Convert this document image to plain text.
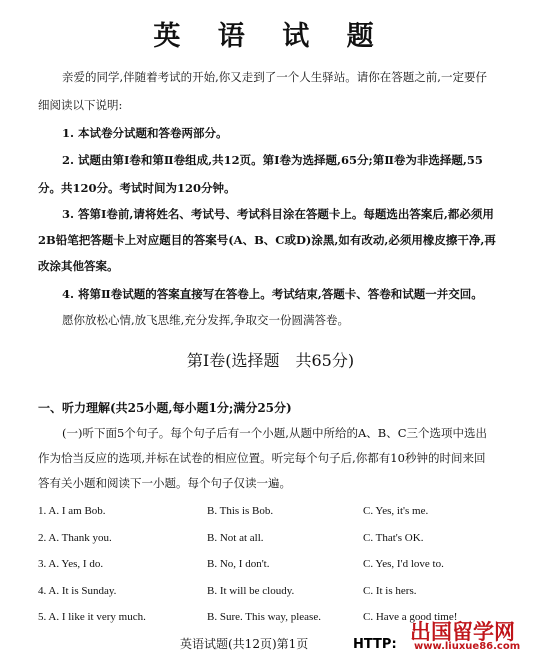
英 语 试 题
亲爱的同学,伴随着考试的开始,你又走到了一个人生驿站。请你在答题之前,一定要仔
细阅读以下说明:
1. 本试卷分试题和答卷两部分。
2. 试题由第Ⅰ卷和第Ⅱ卷组成,共12页。第Ⅰ卷为选择题,65分;第Ⅱ卷为非选择题,55
分。共120分。考试时间为120分钟。
3. 答第Ⅰ卷前,请将姓名、考试号、考试科目涂在答题卡上。每题选出答案后,都必须用
2B铅笔把答题卡上对应题目的答案号(A、B、C或D)涂黑,如有改动,必须用橡皮擦干净,再
改涂其他答案。
4. 将第Ⅱ卷试题的答案直接写在答卷上。考试结束,答题卡、答卷和试题一并交回。
愿你放松心情,放飞思维,充分发挥,争取交一份圆满答卷。
第Ⅰ卷(选择题　共65分)
一、听力理解(共25小题,每小题1分;满分25分)
(一)听下面5个句子。每个句子后有一个小题,从题中所给的A、B、C三个选项中选出
作为恰当反应的选项,并标在试卷的相应位置。听完每个句子后,你都有10秒钟的时间来回
答有关小题和阅读下一小题。每个句子仅读一遍。
1. A. I am Bob.	B. This is Bob.	C. Yes, it's me.
2. A. Thank you.	B. Not at all.	C. That's OK.
3. A. Yes, I do.	B. No, I don't.	C. Yes, I'd love to.
4. A. It is Sunday.	B. It will be cloudy.	C. It is hers.
5. A. I like it very much.	B. Sure. This way, please.	C. Have a good time!
英语试题(共12页)第1页	HTTP:
出国留学网
www.liuxue86.com
